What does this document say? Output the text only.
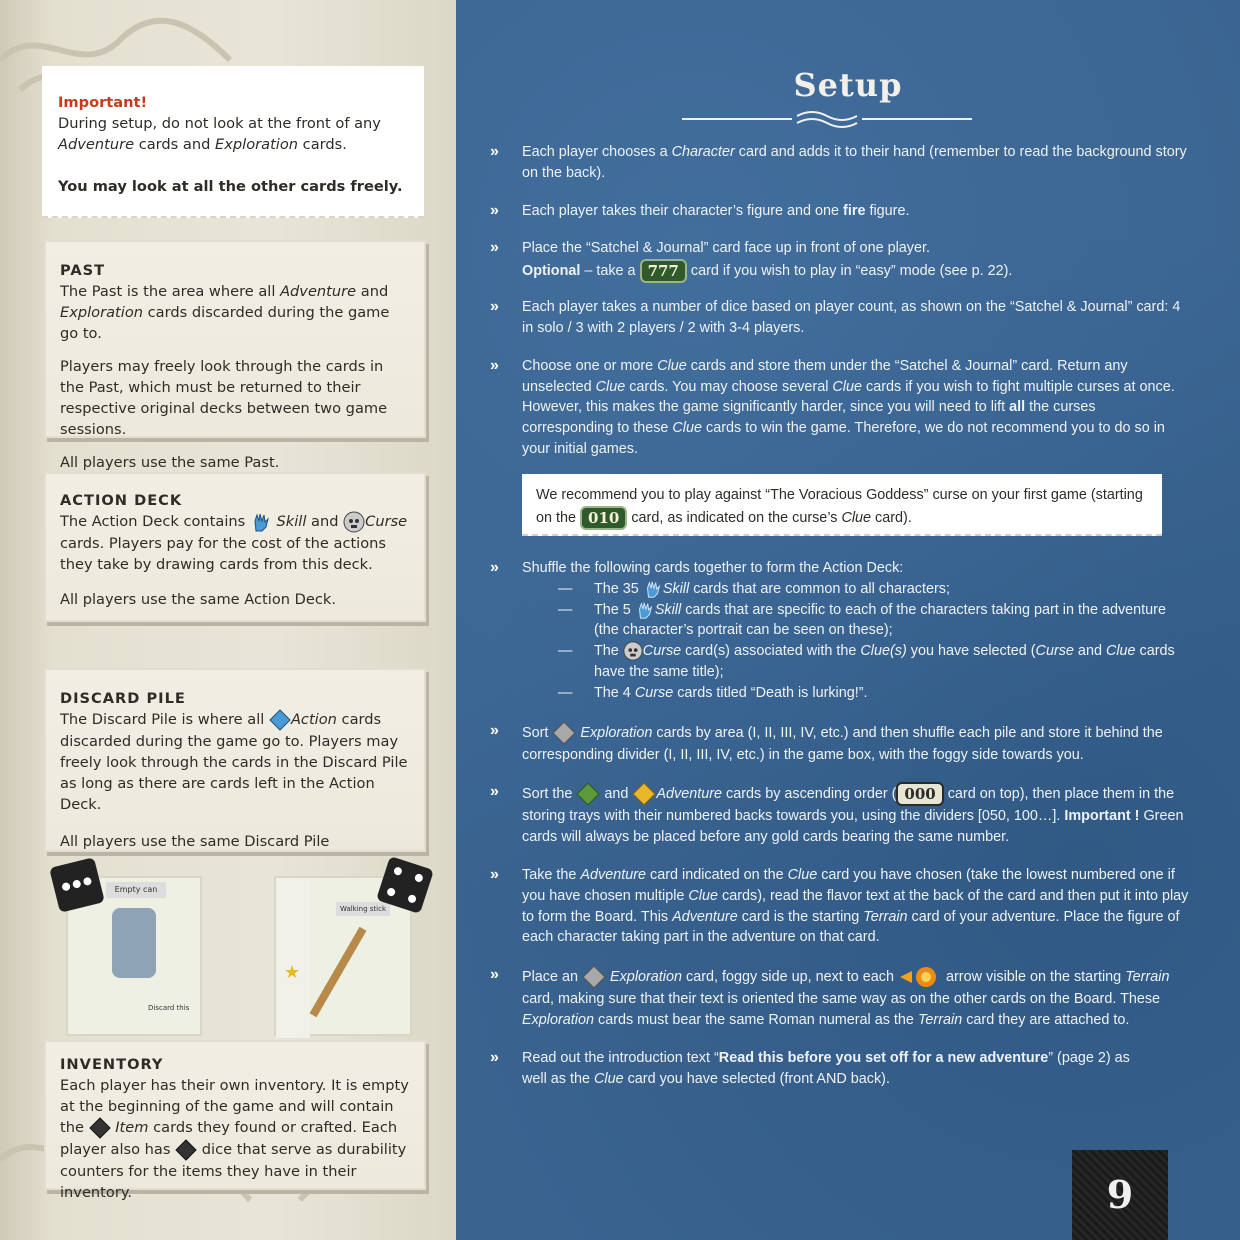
Important!
During setup, do not look at the front of any Adventure cards and Exploration cards.
You may look at all the other cards freely.
PAST

The Past is the area where all Adventure and Exploration cards discarded during the game go to.

Players may freely look through the cards in the Past, which must be returned to their respective original decks between two game sessions.

All players use the same Past.

ACTION DECK

The Action Deck contains  Skill and Curse cards. Players pay for the cost of the actions they take by drawing cards from this deck.

All players use the same Action Deck.

DISCARD PILE

The Discard Pile is where all Action cards discarded during the game go to. Players may freely look through the cards in the Discard Pile as long as there are cards left in the Action Deck.

All players use the same Discard Pile

Empty can
Discard this
★
Walking stick
INVENTORY

Each player has their own inventory. It is empty at the beginning of the game and will contain the  Item cards they found or crafted. Each player also has  dice that serve as durability counters for the items they have in their inventory.

Setup
» Each player chooses a Character card and adds it to their hand (remember to read the background story on the back).
» Each player takes their character’s figure and one fire figure.
» Place the “Satchel & Journal” card face up in front of one player.
Optional – take a 777 card if you wish to play in “easy” mode (see p. 22).
» Each player takes a number of dice based on player count, as shown on the “Satchel & Journal” card: 4 in solo / 3 with 2 players / 2 with 3-4 players.
» Choose one or more Clue cards and store them under the “Satchel & Journal” card. Return any unselected Clue cards. You may choose several Clue cards if you wish to fight multiple curses at once. However, this makes the game significantly harder, since you will need to lift all the curses corresponding to these Clue cards to win the game. Therefore, we do not recommend you to do so in your initial games.
We recommend you to play against “The Voracious Goddess” curse on your first game (starting on the 010 card, as indicated on the curse’s Clue card).
» Shuffle the following cards together to form the Action Deck:
— The 35 Skill cards that are common to all characters;
— The 5 Skill cards that are specific to each of the characters taking part in the adventure (the character’s portrait can be seen on these);
— The Curse card(s) associated with the Clue(s) you have selected (Curse and Clue cards have the same title);
— The 4 Curse cards titled “Death is lurking!”.
» Sort  Exploration cards by area (I, II, III, IV, etc.) and then shuffle each pile and store it behind the corresponding divider (I, II, III, IV, etc.) in the game box, with the foggy side towards you.
» Sort the  and Adventure cards by ascending order ( 000 card on top), then place them in the storing trays with their numbered backs towards you, using the dividers [050, 100…]. Important ! Green cards will always be placed before any gold cards bearing the same number.
» Take the Adventure card indicated on the Clue card you have chosen (take the lowest numbered one if you have chosen multiple Clue cards), read the flavor text at the back of the card and then put it into play to form the Board. This Adventure card is the starting Terrain card of your adventure. Place the figure of each character taking part in the adventure on that card.
» Place an  Exploration card, foggy side up, next to each	arrow visible on the starting Terrain card, making sure that their text is oriented the same way as on the other cards on the Board. These Exploration cards must bear the same Roman numeral as the Terrain card they are attached to.
» Read out the introduction text “Read this before you set off for a new adventure” (page 2) as well as the Clue card you have selected (front AND back).
9
